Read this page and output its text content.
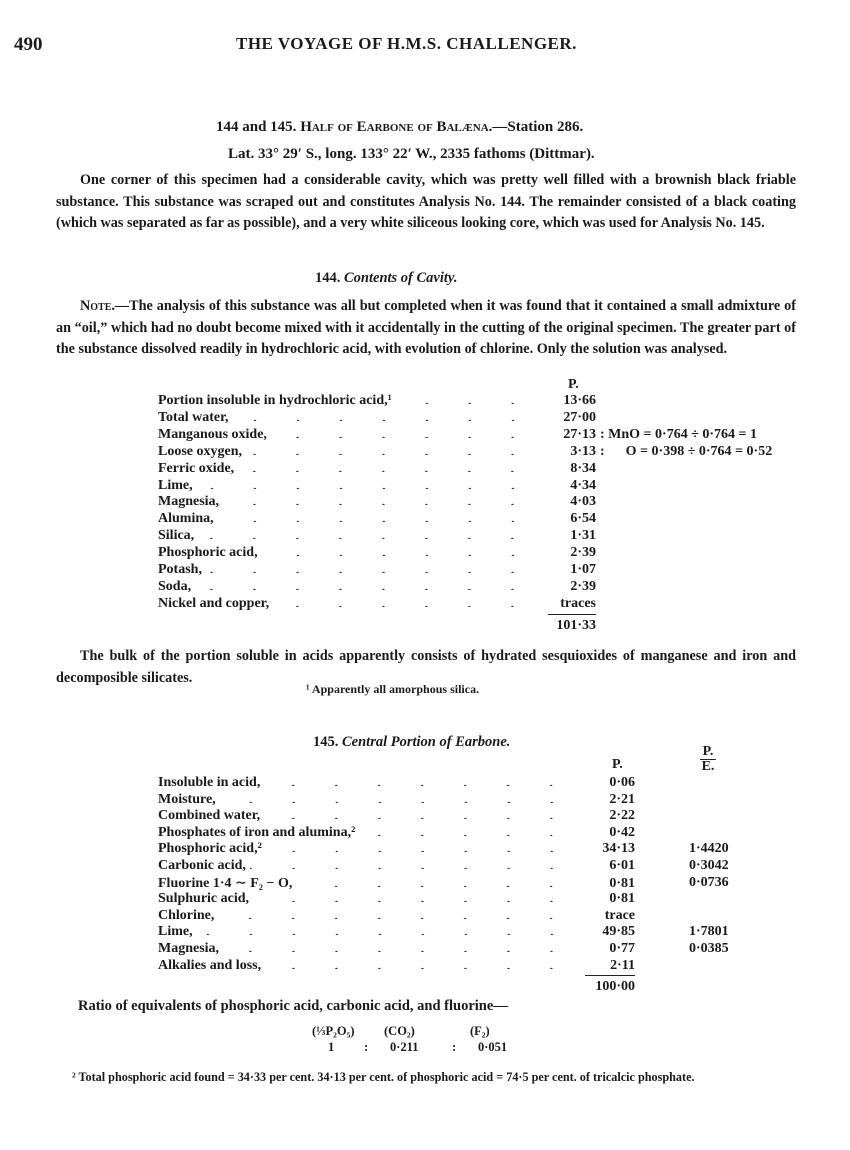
490	THE VOYAGE OF H.M.S. CHALLENGER.
144 and 145. Half of Earbone of Balæna.—Station 286.
Lat. 33° 29′ S., long. 133° 22′ W., 2335 fathoms (Dittmar).
One corner of this specimen had a considerable cavity, which was pretty well filled with a brownish black friable substance. This substance was scraped out and constitutes Analysis No. 144. The remainder consisted of a black coating (which was separated as far as possible), and a very white siliceous looking core, which was used for Analysis No. 145.
144. Contents of Cavity.
Note.—The analysis of this substance was all but completed when it was found that it contained a small admixture of an “oil,” which had no doubt become mixed with it accidentally in the cutting of the original specimen. The greater part of the substance dissolved readily in hydrochloric acid, with evolution of chlorine. Only the solution was analysed.
P.
Portion insoluble in hydrochloric acid,¹	13·66
Total water,	27·00
Manganous oxide,	27·13 : MnO = 0·764 ÷ 0·764 = 1
Loose oxygen,	3·13 :      O = 0·398 ÷ 0·764 = 0·52
Ferric oxide,	8·34
Lime,	4·34
Magnesia,	4·03
Alumina,	6·54
Silica,	1·31
Phosphoric acid,	2·39
Potash,	1·07
Soda,	2·39
Nickel and copper,	traces
101·33
The bulk of the portion soluble in acids apparently consists of hydrated sesquioxides of manganese and iron and decomposible silicates.
¹ Apparently all amorphous silica.
145. Central Portion of Earbone.
P.
P.
E.
Insoluble in acid,	0·06
Moisture,	2·21
Combined water,	2·22
Phosphates of iron and alumina,²	0·42
Phosphoric acid,²	34·13	1·4420
Carbonic acid,	6·01	0·3042
Fluorine 1·4 ∼ F₂ − O,	0·81	0·0736
Sulphuric acid,	0·81
Chlorine,	trace
Lime,	49·85	1·7801
Magnesia,	0·77	0·0385
Alkalies and loss,	2·11
100·00
Ratio of equivalents of phosphoric acid, carbonic acid, and fluorine—
(⅓P₂O₅) (CO₂)	(F₂)
1 : 0·211	: 0·051
² Total phosphoric acid found = 34·33 per cent. 34·13 per cent. of phosphoric acid = 74·5 per cent. of tricalcic phosphate.
